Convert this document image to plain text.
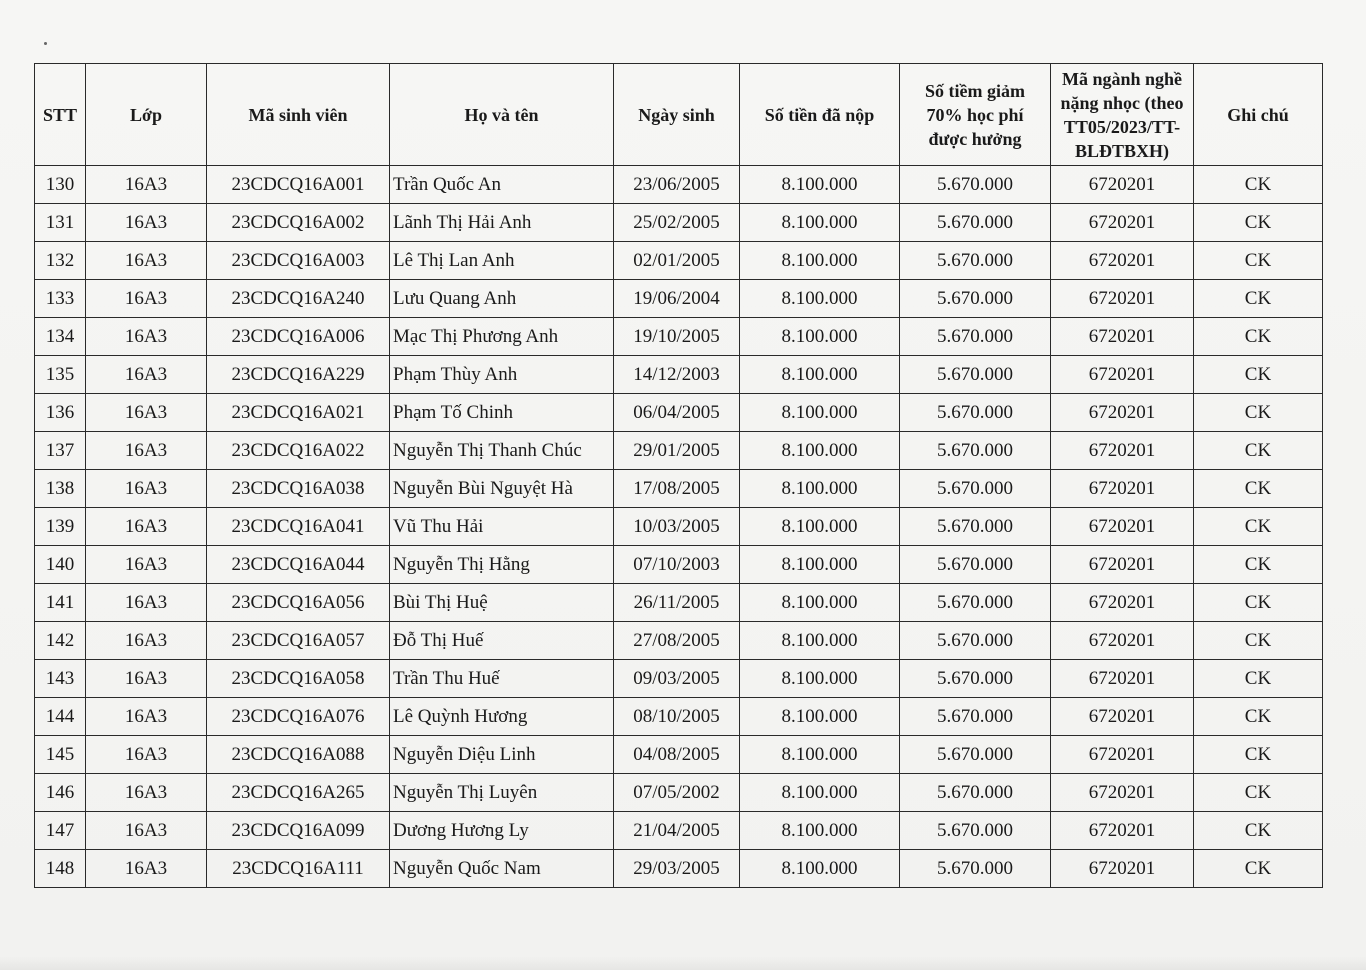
STT	Lớp	Mã sinh viên	Họ và tên	Ngày sinh	Số tiền đã nộp	Số tiềm giảm 70% học phí được hưởng	Mã ngành nghề nặng nhọc (theo TT05/2023/TT-BLĐTBXH)	Ghi chú
130	16A3	23CDCQ16A001	Trần Quốc An	23/06/2005	8.100.000	5.670.000	6720201	CK
131	16A3	23CDCQ16A002	Lãnh Thị Hải Anh	25/02/2005	8.100.000	5.670.000	6720201	CK
132	16A3	23CDCQ16A003	Lê Thị Lan Anh	02/01/2005	8.100.000	5.670.000	6720201	CK
133	16A3	23CDCQ16A240	Lưu Quang Anh	19/06/2004	8.100.000	5.670.000	6720201	CK
134	16A3	23CDCQ16A006	Mạc Thị Phương Anh	19/10/2005	8.100.000	5.670.000	6720201	CK
135	16A3	23CDCQ16A229	Phạm Thùy Anh	14/12/2003	8.100.000	5.670.000	6720201	CK
136	16A3	23CDCQ16A021	Phạm Tố Chinh	06/04/2005	8.100.000	5.670.000	6720201	CK
137	16A3	23CDCQ16A022	Nguyễn Thị Thanh Chúc	29/01/2005	8.100.000	5.670.000	6720201	CK
138	16A3	23CDCQ16A038	Nguyễn Bùi Nguyệt Hà	17/08/2005	8.100.000	5.670.000	6720201	CK
139	16A3	23CDCQ16A041	Vũ Thu Hải	10/03/2005	8.100.000	5.670.000	6720201	CK
140	16A3	23CDCQ16A044	Nguyễn Thị Hằng	07/10/2003	8.100.000	5.670.000	6720201	CK
141	16A3	23CDCQ16A056	Bùi Thị Huệ	26/11/2005	8.100.000	5.670.000	6720201	CK
142	16A3	23CDCQ16A057	Đỗ Thị Huế	27/08/2005	8.100.000	5.670.000	6720201	CK
143	16A3	23CDCQ16A058	Trần Thu Huế	09/03/2005	8.100.000	5.670.000	6720201	CK
144	16A3	23CDCQ16A076	Lê Quỳnh Hương	08/10/2005	8.100.000	5.670.000	6720201	CK
145	16A3	23CDCQ16A088	Nguyễn Diệu Linh	04/08/2005	8.100.000	5.670.000	6720201	CK
146	16A3	23CDCQ16A265	Nguyễn Thị Luyên	07/05/2002	8.100.000	5.670.000	6720201	CK
147	16A3	23CDCQ16A099	Dương Hương Ly	21/04/2005	8.100.000	5.670.000	6720201	CK
148	16A3	23CDCQ16A111	Nguyễn Quốc Nam	29/03/2005	8.100.000	5.670.000	6720201	CK
